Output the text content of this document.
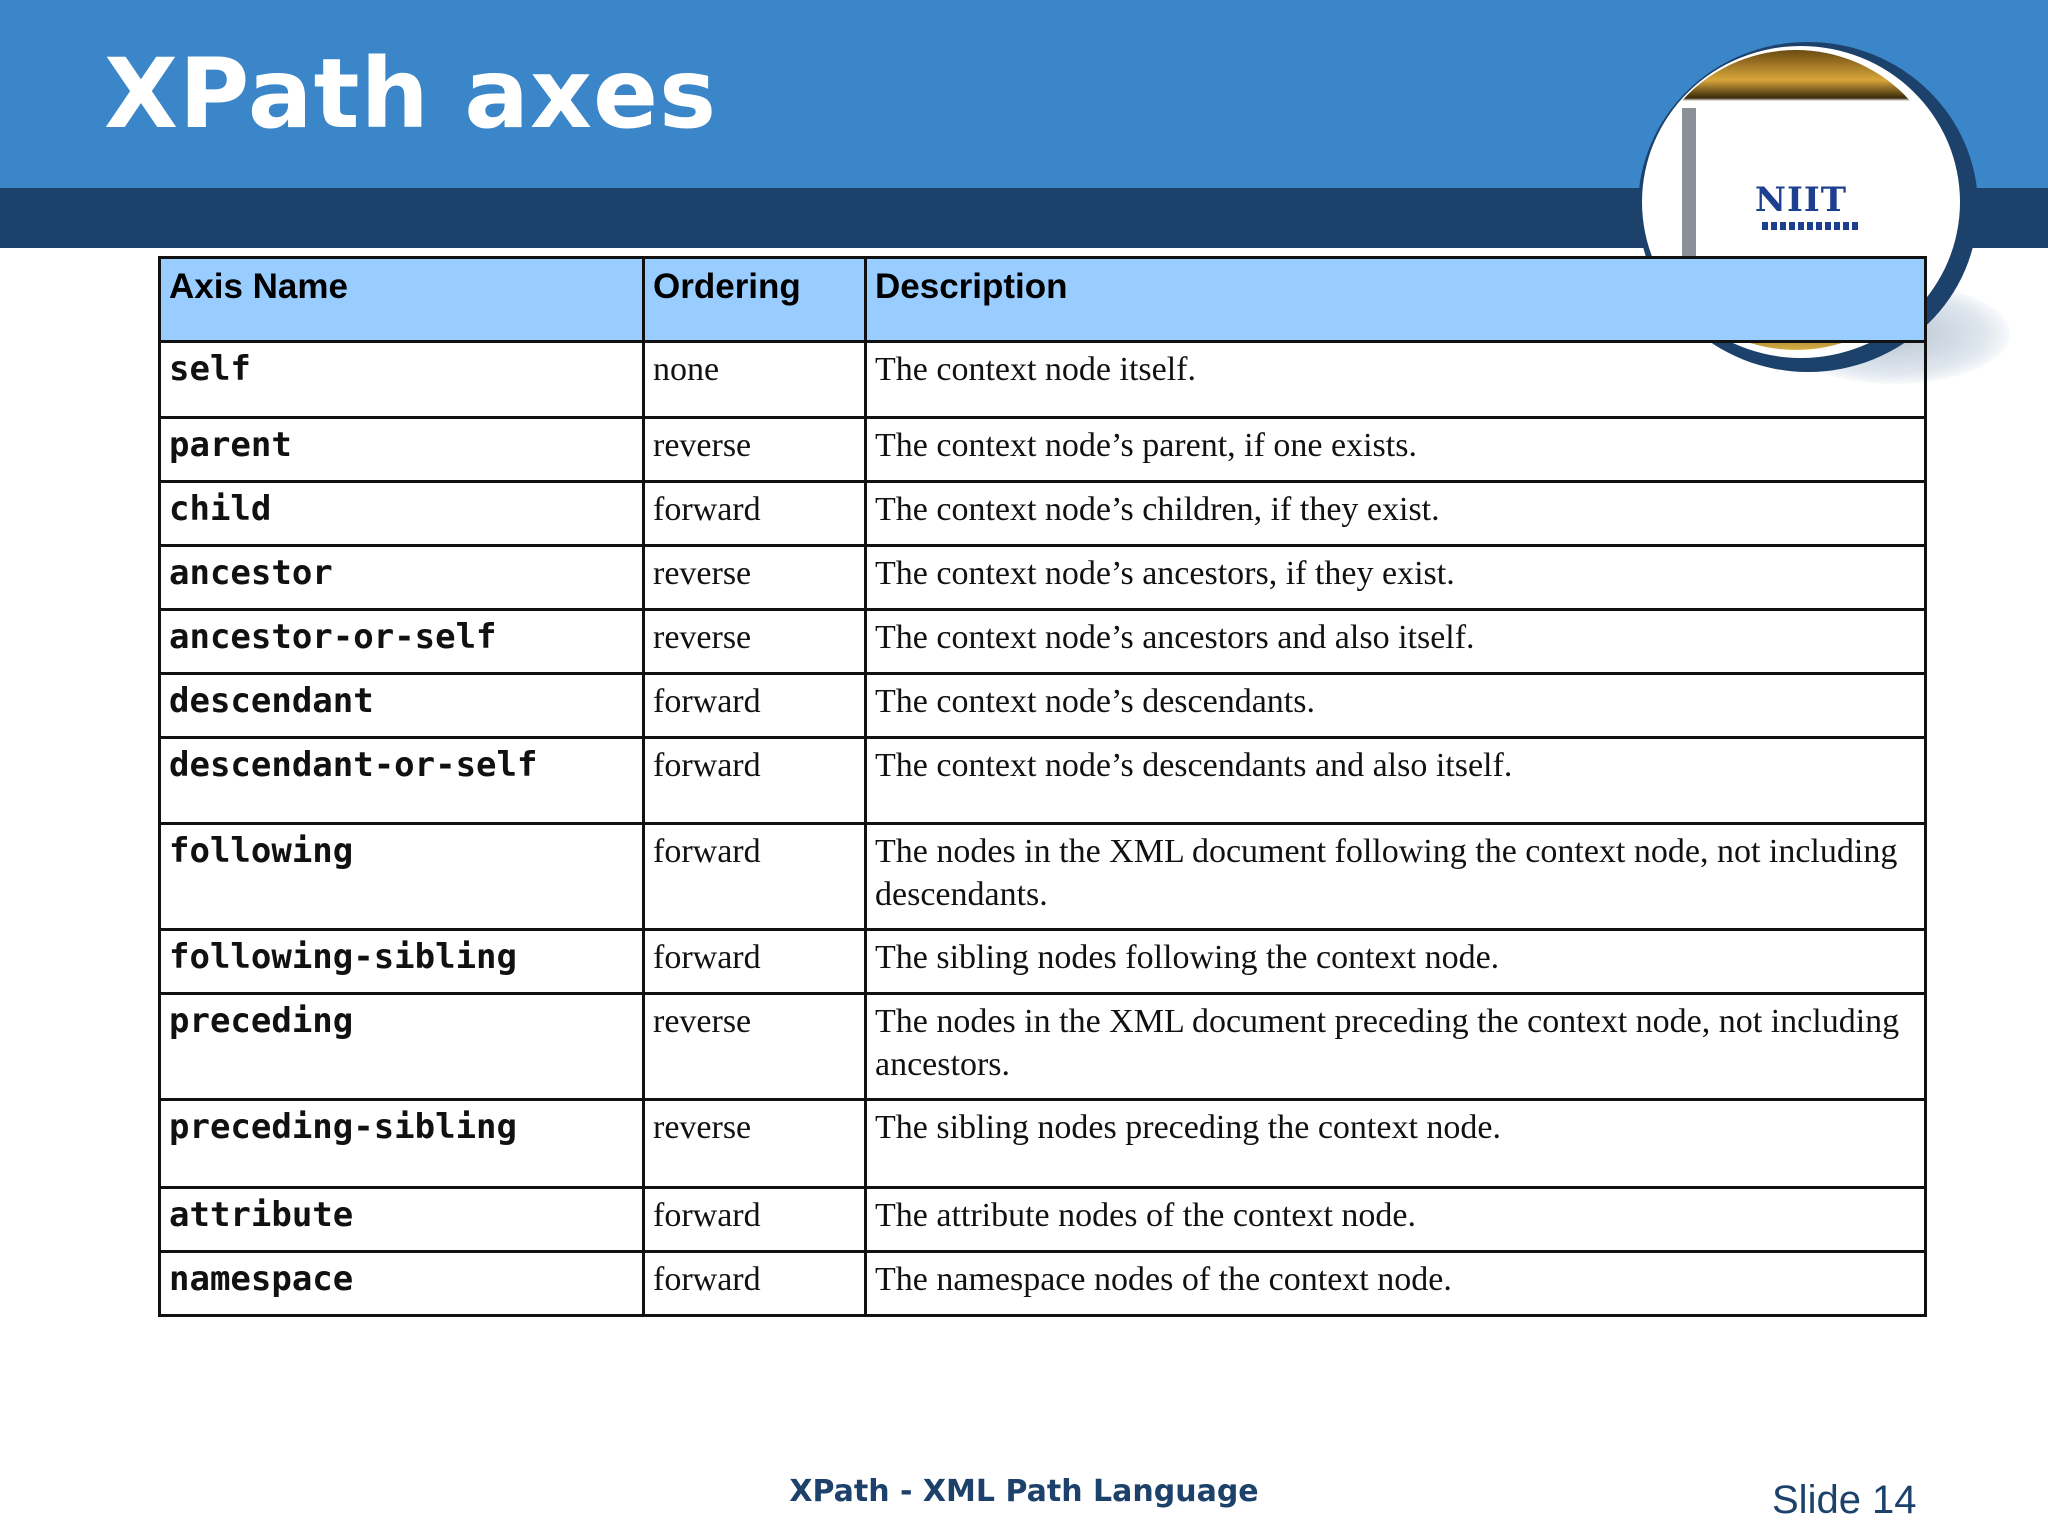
XPath axes
NIIT
Axis Name	Ordering	Description
self	none	The context node itself.
parent	reverse	The context node’s parent, if one exists.
child	forward	The context node’s children, if they exist.
ancestor	reverse	The context node’s ancestors, if they exist.
ancestor-or-self	reverse	The context node’s ancestors and also itself.
descendant	forward	The context node’s descendants.
descendant-or-self	forward	The context node’s descendants and also itself.
following	forward	The nodes in the XML document following the context node, not including descendants.
following-sibling	forward	The sibling nodes following the context node.
preceding	reverse	The nodes in the XML document preceding the context node, not including ancestors.
preceding-sibling	reverse	The sibling nodes preceding the context node.
attribute	forward	The attribute nodes of the context node.
namespace	forward	The namespace nodes of the context node.

XPath - XML Path Language	Slide 14
